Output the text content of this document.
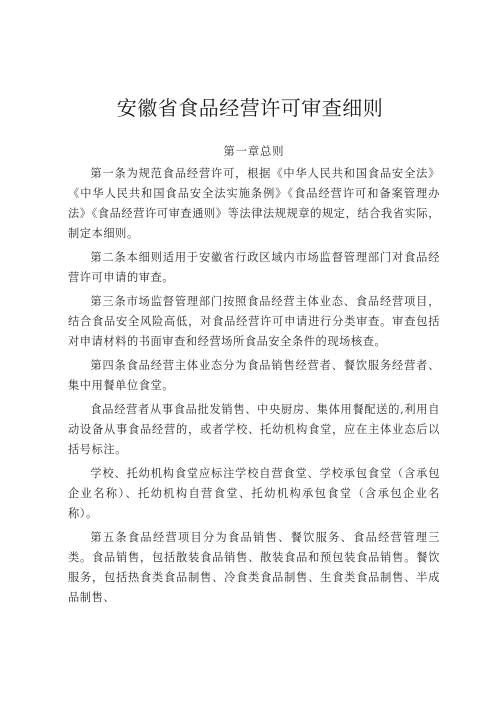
安徽省食品经营许可审查细则

第一章总则

第一条为规范食品经营许可，根据《中华人民共和国食品安全法》《中华人民共和国食品安全法实施条例》《食品经营许可和备案管理办法》《食品经营许可审查通则》等法律法规规章的规定，结合我省实际，制定本细则。

第二条本细则适用于安徽省行政区域内市场监督管理部门对食品经营许可申请的审查。

第三条市场监督管理部门按照食品经营主体业态、食品经营项目，结合食品安全风险高低，对食品经营许可申请进行分类审查。审查包括对申请材料的书面审查和经营场所食品安全条件的现场核查。

第四条食品经营主体业态分为食品销售经营者、餐饮服务经营者、集中用餐单位食堂。

食品经营者从事食品批发销售、中央厨房、集体用餐配送的,利用自动设备从事食品经营的，或者学校、托幼机构食堂，应在主体业态后以括号标注。

学校、托幼机构食堂应标注学校自营食堂、学校承包食堂（含承包企业名称）、托幼机构自营食堂、托幼机构承包食堂（含承包企业名称）。

第五条食品经营项目分为食品销售、餐饮服务、食品经营管理三类。食品销售，包括散装食品销售、散装食品和预包装食品销售。餐饮服务，包括热食类食品制售、冷食类食品制售、生食类食品制售、半成品制售、
